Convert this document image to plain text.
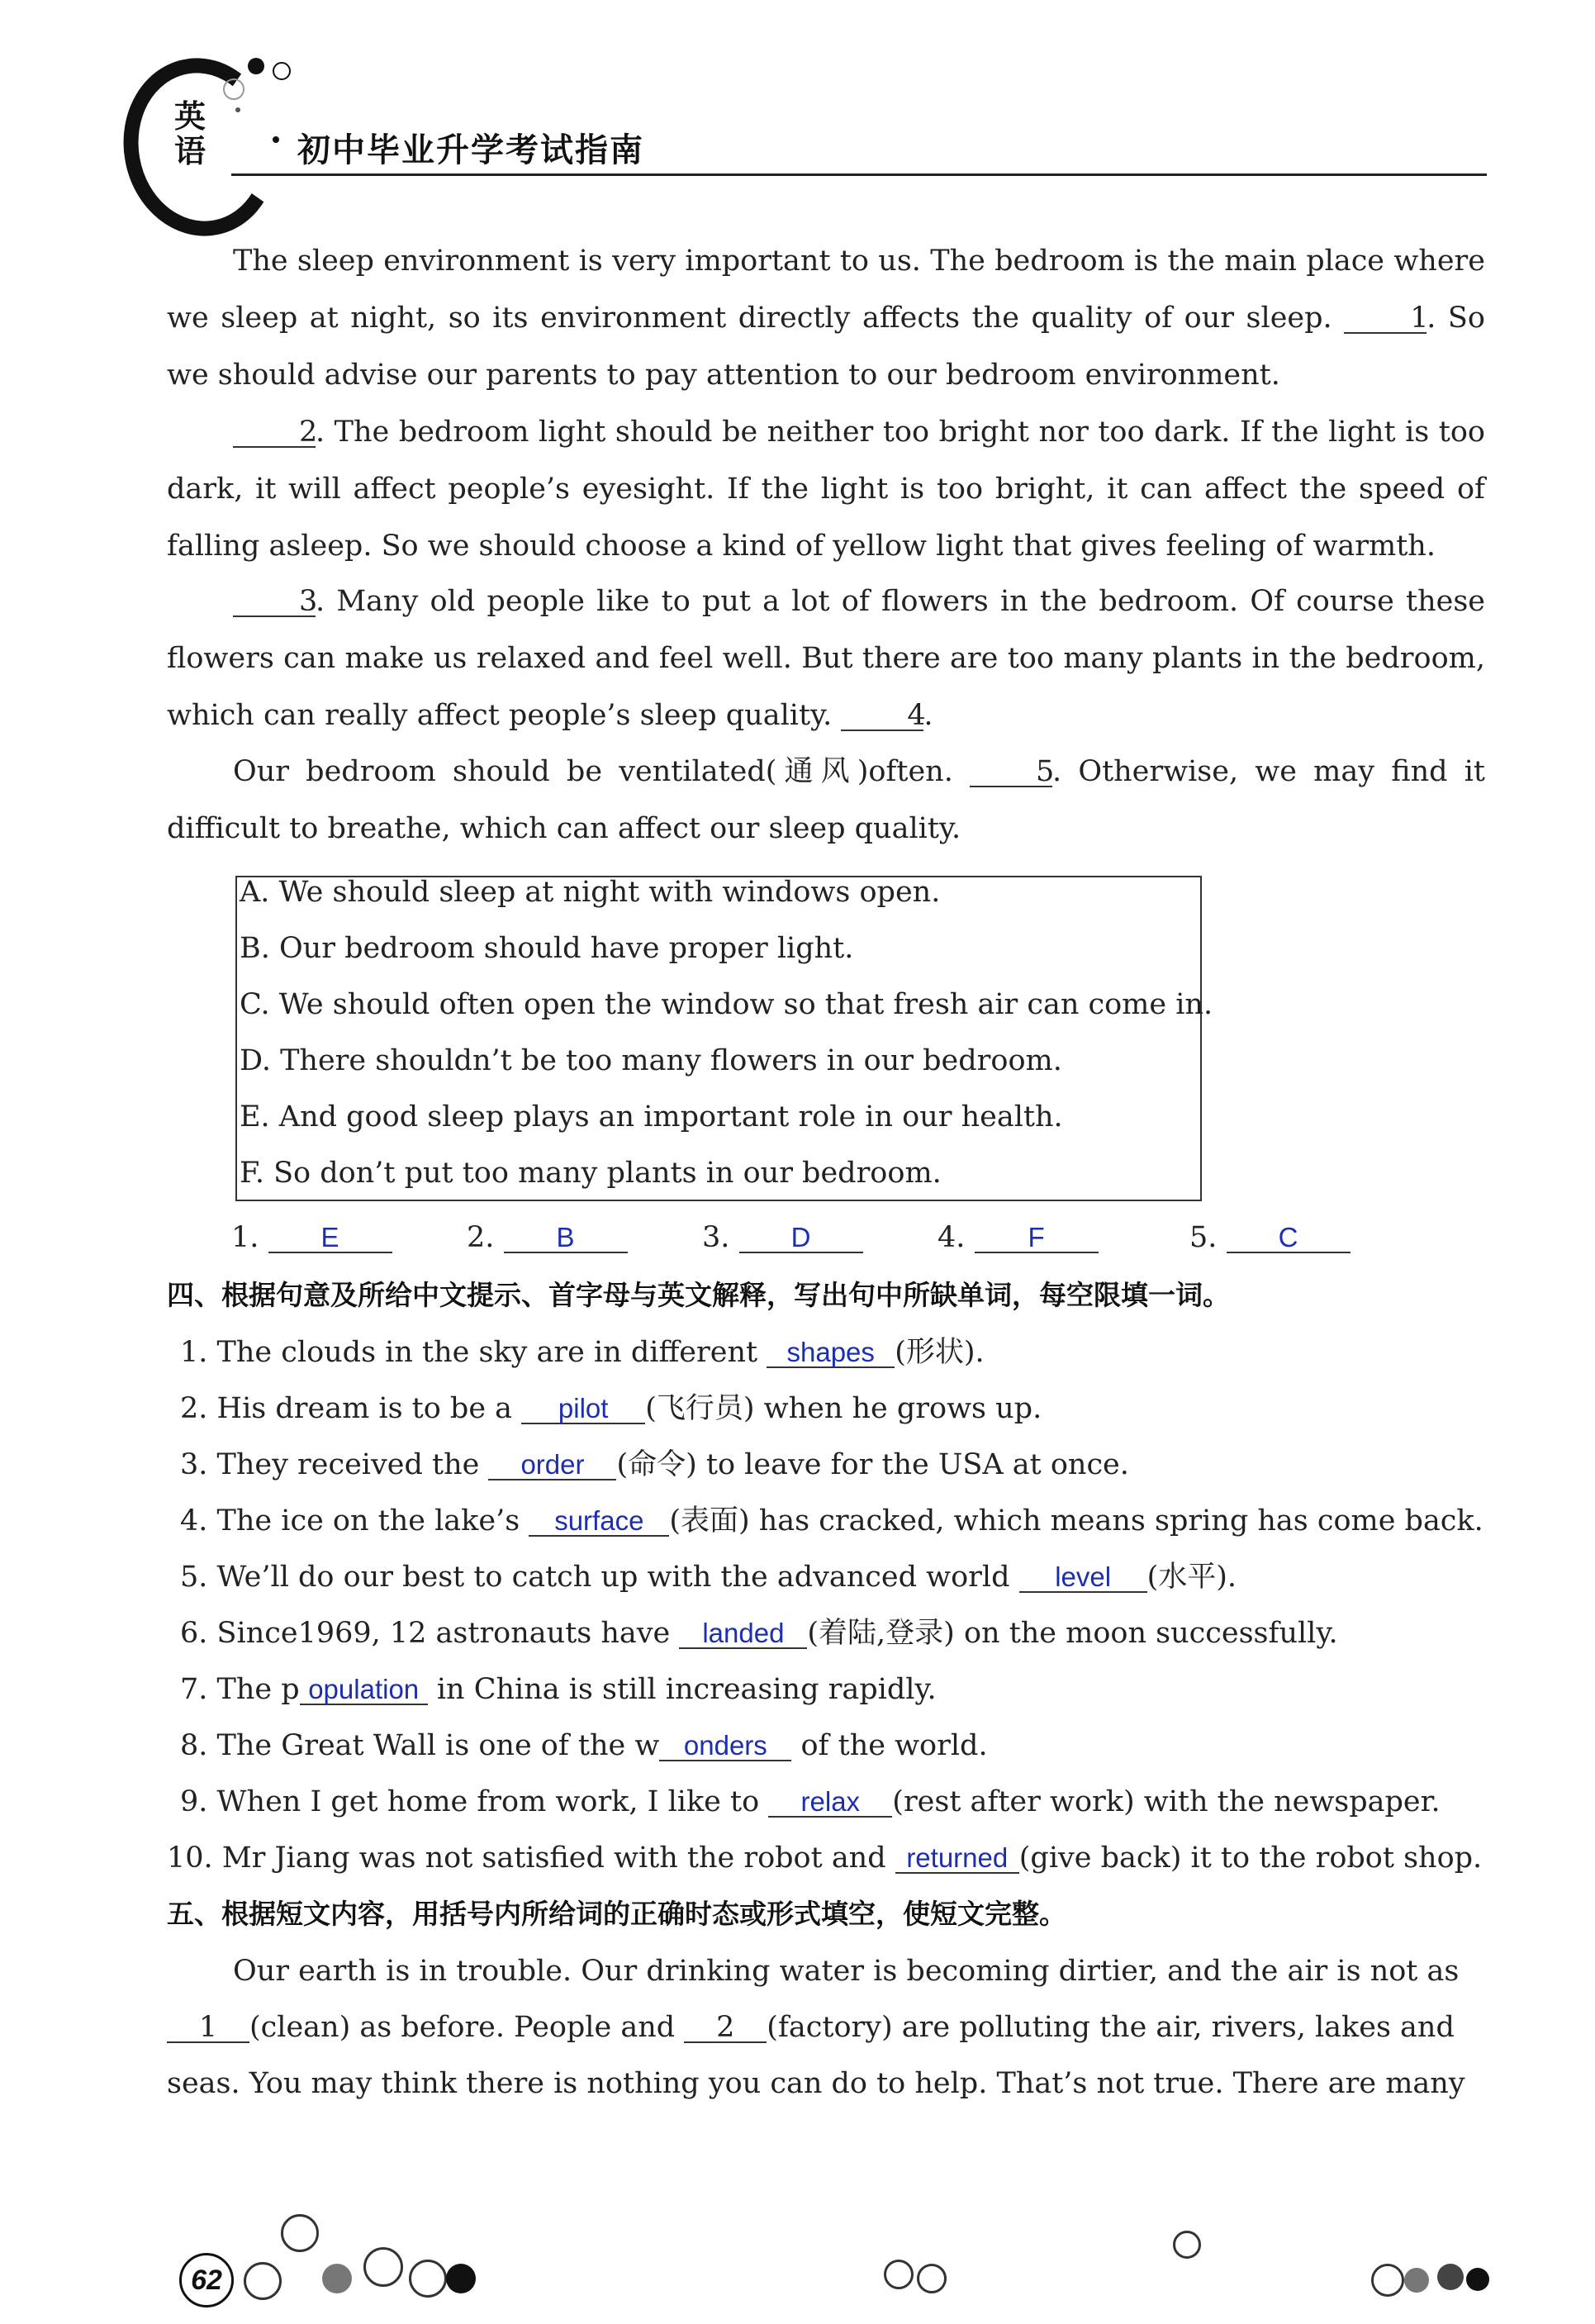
英语	初中毕业升学考试指南
The sleep environment is very important to us. The bedroom is the main place where we sleep at night, so its environment directly affects the quality of our sleep.	1. So we should advise our parents to pay attention to our bedroom environment.
2. The bedroom light should be neither too bright nor too dark. If the light is too dark, it will affect people’s eyesight. If the light is too bright, it can affect the speed of falling asleep. So we should choose a kind of yellow light that gives feeling of warmth.
3. Many old people like to put a lot of flowers in the bedroom. Of course these flowers can make us relaxed and feel well. But there are too many plants in the bedroom, which can really affect people’s sleep quality.	4.
Our bedroom should be ventilated(通风)often.	5. Otherwise, we may find it difficult to breathe, which can affect our sleep quality.
A. We should sleep at night with windows open.
B. Our bedroom should have proper light.
C. We should often open the window so that fresh air can come in.
D. There shouldn’t be too many flowers in our bedroom.
E. And good sleep plays an important role in our health.
F. So don’t put too many plants in our bedroom.
1. E	2. B	3. D	4. F	5. C
四、根据句意及所给中文提示、首字母与英文解释，写出句中所缺单词，每空限填一词。
1. The clouds in the sky are in different shapes (形状).
2. His dream is to be a pilot (飞行员) when he grows up.
3. They received the order (命令) to leave for the USA at once.
4. The ice on the lake’s surface (表面) has cracked, which means spring has come back.
5. We’ll do our best to catch up with the advanced world level (水平).
6. Since1969, 12 astronauts have landed (着陆,登录) on the moon successfully.
7. The p opulation in China is still increasing rapidly.
8. The Great Wall is one of the w onders of the world.
9. When I get home from work, I like to relax (rest after work) with the newspaper.
10. Mr Jiang was not satisfied with the robot and returned (give back) it to the robot shop.
五、根据短文内容，用括号内所给词的正确时态或形式填空，使短文完整。
Our earth is in trouble. Our drinking water is becoming dirtier, and the air is not as
1 (clean) as before. People and 2 (factory) are polluting the air, rivers, lakes and
seas. You may think there is nothing you can do to help. That’s not true. There are many
62
